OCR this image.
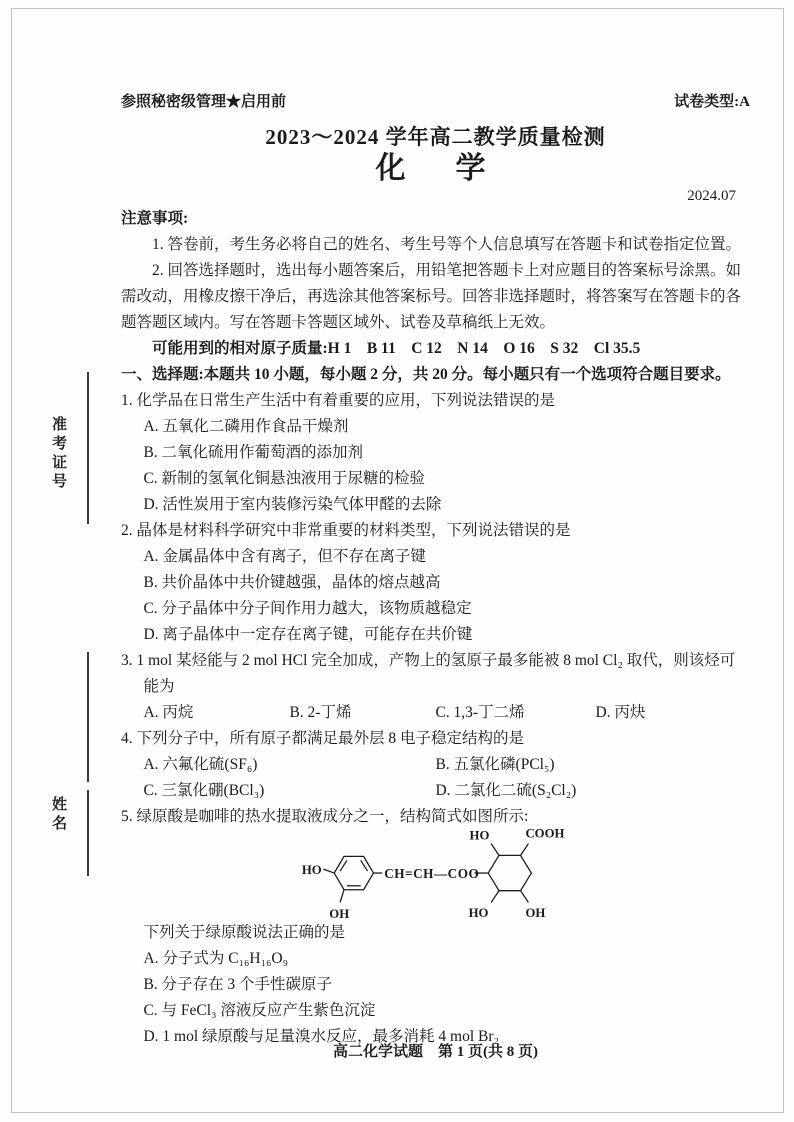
准考证号
姓名
参照秘密级管理★启用前	试卷类型:A
2023～2024 学年高二教学质量检测
化　学
2024.07

注意事项:

1. 答卷前，考生务必将自己的姓名、考生号等个人信息填写在答题卡和试卷指定位置。

2. 回答选择题时，选出每小题答案后，用铅笔把答题卡上对应题目的答案标号涂黑。如需改动，用橡皮擦干净后，再选涂其他答案标号。回答非选择题时，将答案写在答题卡的各题答题区域内。写在答题卡答题区域外、试卷及草稿纸上无效。

可能用到的相对原子质量:H 1　B 11　C 12　N 14　O 16　S 32　Cl 35.5

一、选择题:本题共 10 小题，每小题 2 分，共 20 分。每小题只有一个选项符合题目要求。

1. 化学品在日常生产生活中有着重要的应用，下列说法错误的是

A. 五氧化二磷用作食品干燥剂

B. 二氧化硫用作葡萄酒的添加剂

C. 新制的氢氧化铜悬浊液用于尿糖的检验

D. 活性炭用于室内装修污染气体甲醛的去除

2. 晶体是材料科学研究中非常重要的材料类型，下列说法错误的是

A. 金属晶体中含有离子，但不存在离子键

B. 共价晶体中共价键越强，晶体的熔点越高

C. 分子晶体中分子间作用力越大，该物质越稳定

D. 离子晶体中一定存在离子键，可能存在共价键

3. 1 mol 某烃能与 2 mol HCl 完全加成，产物上的氢原子最多能被 8 mol Cl₂ 取代，则该烃可能为

A. 丙烷	B. 2-丁烯	C. 1,3-丁二烯	D. 丙炔

4. 下列分子中，所有原子都满足最外层 8 电子稳定结构的是

A. 六氟化硫(SF₆)	B. 五氯化磷(PCl₅)
C. 三氯化硼(BCl₃)	D. 二氯化二硫(S₂Cl₂)

5. 绿原酸是咖啡的热水提取液成分之一，结构简式如图所示:

HO
OH
CH=CH—COO
HO	COOH
HO	OH

下列关于绿原酸说法正确的是

A. 分子式为 C₁₆H₁₆O₉

B. 分子存在 3 个手性碳原子

C. 与 FeCl₃ 溶液反应产生紫色沉淀

D. 1 mol 绿原酸与足量溴水反应，最多消耗 4 mol Br₂

高二化学试题　第 1 页(共 8 页)
